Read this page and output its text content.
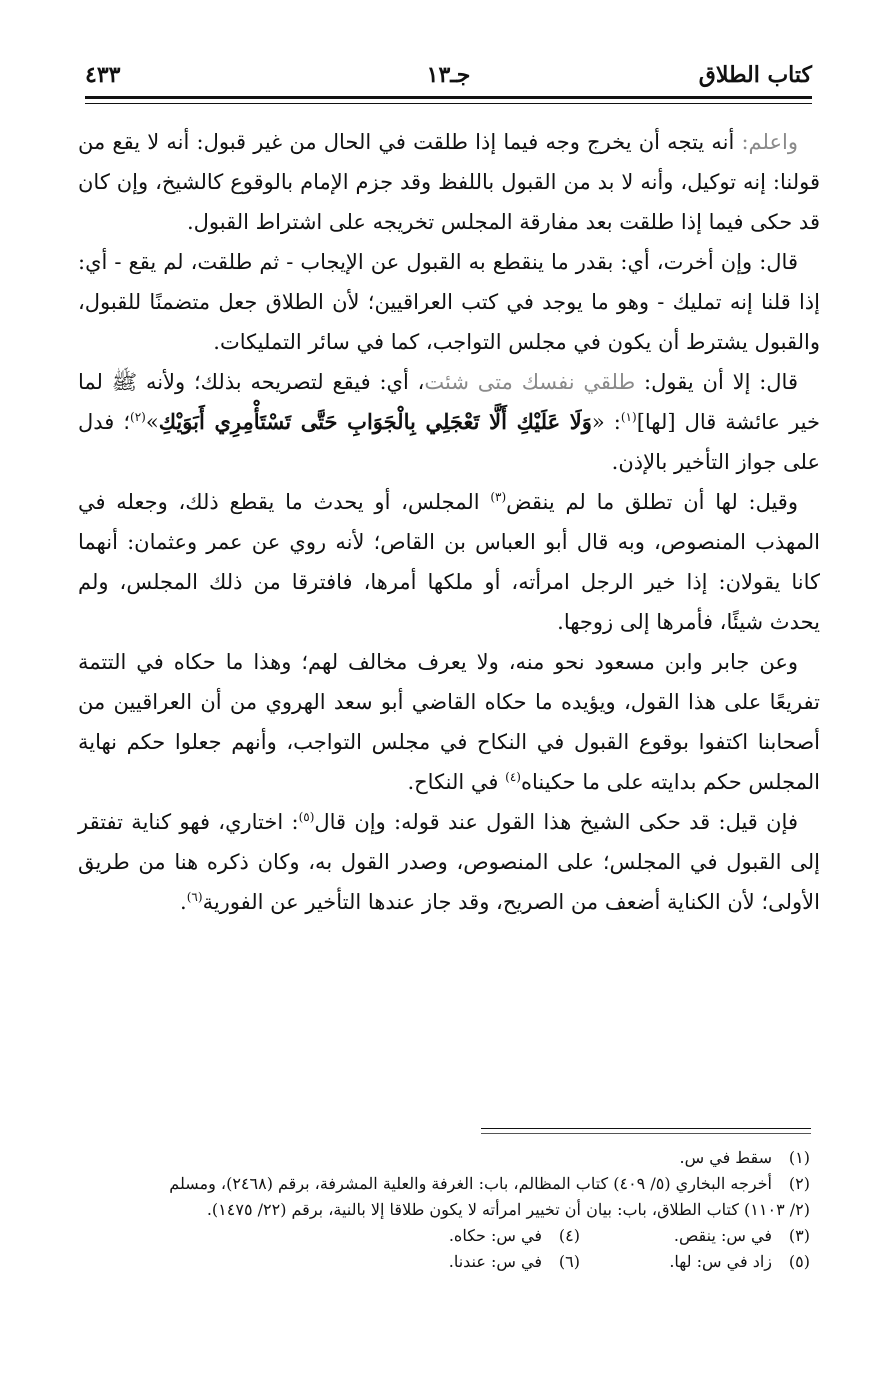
كتاب الطلاق
جـ١٣
٤٣٣

واعلم: أنه يتجه أن يخرج وجه فيما إذا طلقت في الحال من غير قبول: أنه لا يقع من قولنا: إنه توكيل، وأنه لا بد من القبول باللفظ وقد جزم الإمام بالوقوع كالشيخ، وإن كان قد حكى فيما إذا طلقت بعد مفارقة المجلس تخريجه على اشتراط القبول.

قال: وإن أخرت، أي: بقدر ما ينقطع به القبول عن الإيجاب - ثم طلقت، لم يقع - أي: إذا قلنا إنه تمليك - وهو ما يوجد في كتب العراقيين؛ لأن الطلاق جعل متضمنًا للقبول، والقبول يشترط أن يكون في مجلس التواجب، كما في سائر التمليكات.

قال: إلا أن يقول: طلقي نفسك متى شئت، أي: فيقع لتصريحه بذلك؛ ولأنه ﷺ لما خير عائشة قال [لها]$^{(١)}$: «وَلَا عَلَيْكِ أَلَّا تَعْجَلِي بِالْجَوَابِ حَتَّى تَسْتَأْمِرِي أَبَوَيْكِ»$^{(٢)}$؛ فدل على جواز التأخير بالإذن.

وقيل: لها أن تطلق ما لم ينقض$^{(٣)}$ المجلس، أو يحدث ما يقطع ذلك، وجعله في المهذب المنصوص، وبه قال أبو العباس بن القاص؛ لأنه روي عن عمر وعثمان: أنهما كانا يقولان: إذا خير الرجل امرأته، أو ملكها أمرها، فافترقا من ذلك المجلس، ولم يحدث شيئًا، فأمرها إلى زوجها.

وعن جابر وابن مسعود نحو منه، ولا يعرف مخالف لهم؛ وهذا ما حكاه في التتمة تفريعًا على هذا القول، ويؤيده ما حكاه القاضي أبو سعد الهروي من أن العراقيين من أصحابنا اكتفوا بوقوع القبول في النكاح في مجلس التواجب، وأنهم جعلوا حكم نهاية المجلس حكم بدايته على ما حكيناه$^{(٤)}$ في النكاح.

فإن قيل: قد حكى الشيخ هذا القول عند قوله: وإن قال$^{(٥)}$: اختاري، فهو كناية تفتقر إلى القبول في المجلس؛ على المنصوص، وصدر القول به، وكان ذكره هنا من طريق الأولى؛ لأن الكناية أضعف من الصريح، وقد جاز عندها التأخير عن الفورية$^{(٦)}$.

(١)سقط في س.
(٢)أخرجه البخاري (٥/ ٤٠٩) كتاب المظالم، باب: الغرفة والعلية المشرفة، برقم (٢٤٦٨)، ومسلم
(٢/ ١١٠٣) كتاب الطلاق، باب: بيان أن تخيير امرأته لا يكون طلاقا إلا بالنية، برقم (٢٢/ ١٤٧٥).
(٣)في س: ينقص.
(٤)في س: حكاه.
(٥)زاد في س: لها.
(٦)في س: عندنا.
